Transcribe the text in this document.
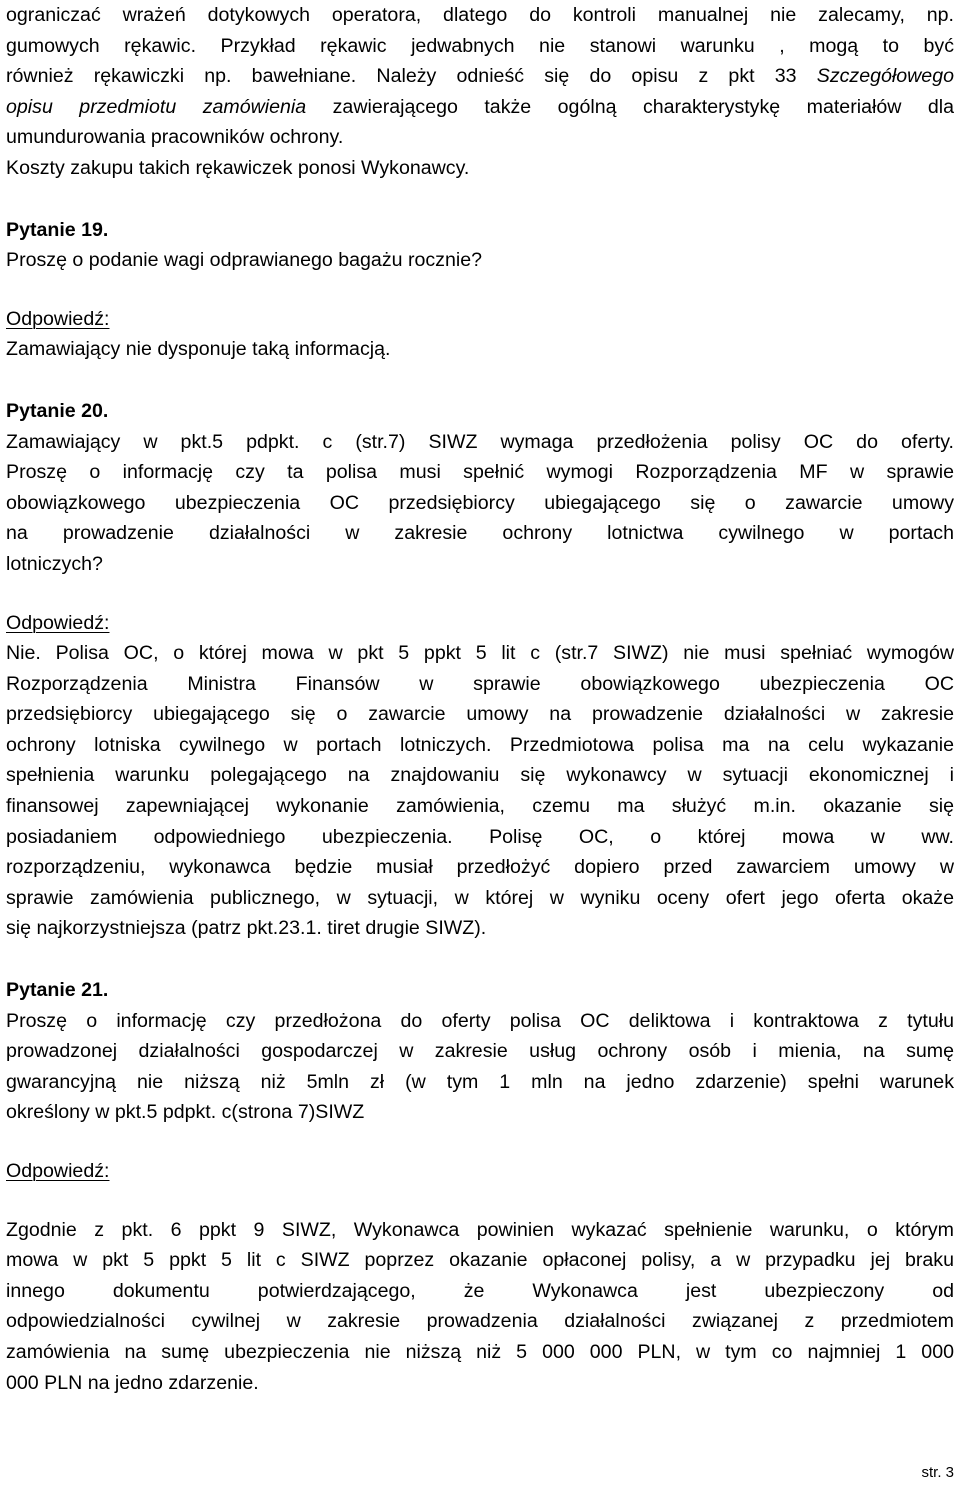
ograniczać wrażeń dotykowych operatora, dlatego do kontroli manualnej nie zalecamy, np.
gumowych rękawic. Przykład rękawic jedwabnych nie stanowi warunku , mogą to być
również rękawiczki np. bawełniane. Należy odnieść się do opisu z pkt 33 Szczegółowego
opisu przedmiotu zamówienia zawierającego także ogólną charakterystykę materiałów dla
umundurowania pracowników ochrony.
Koszty zakupu takich rękawiczek ponosi Wykonawcy.
Pytanie 19.
Proszę o podanie wagi odprawianego bagażu rocznie?
Odpowiedź:
Zamawiający nie dysponuje taką informacją.
Pytanie 20.
Zamawiający w pkt.5 pdpkt. c (str.7) SIWZ wymaga przedłożenia polisy OC do oferty.
Proszę o informację czy ta polisa musi spełnić wymogi Rozporządzenia MF w sprawie
obowiązkowego ubezpieczenia OC przedsiębiorcy ubiegającego się o zawarcie umowy
na prowadzenie działalności w zakresie ochrony lotnictwa cywilnego w portach
lotniczych?
Odpowiedź:
Nie. Polisa OC, o której mowa w pkt 5 ppkt 5 lit c (str.7 SIWZ) nie musi spełniać wymogów
Rozporządzenia Ministra Finansów w sprawie obowiązkowego ubezpieczenia OC
przedsiębiorcy ubiegającego się o zawarcie umowy na prowadzenie działalności w zakresie
ochrony lotniska cywilnego w portach lotniczych. Przedmiotowa polisa ma na celu wykazanie
spełnienia warunku polegającego na znajdowaniu się wykonawcy w sytuacji ekonomicznej i
finansowej zapewniającej wykonanie zamówienia, czemu ma służyć m.in. okazanie się
posiadaniem odpowiedniego ubezpieczenia. Polisę OC, o której mowa w ww.
rozporządzeniu, wykonawca będzie musiał przedłożyć dopiero przed zawarciem umowy w
sprawie zamówienia publicznego, w sytuacji, w której w wyniku oceny ofert jego oferta okaże
się najkorzystniejsza (patrz pkt.23.1. tiret drugie SIWZ).
Pytanie 21.
Proszę o informację czy przedłożona do oferty polisa OC deliktowa i kontraktowa z tytułu
prowadzonej działalności gospodarczej w zakresie usług ochrony osób i mienia, na sumę
gwarancyjną nie niższą niż 5mln zł (w tym 1 mln na jedno zdarzenie) spełni warunek
określony w pkt.5 pdpkt. c(strona 7)SIWZ
Odpowiedź:
Zgodnie z pkt. 6 ppkt 9 SIWZ, Wykonawca powinien wykazać spełnienie warunku, o którym
mowa w pkt 5 ppkt 5 lit c SIWZ poprzez okazanie opłaconej polisy, a w przypadku jej braku
innego dokumentu potwierdzającego, że Wykonawca jest ubezpieczony od
odpowiedzialności cywilnej w zakresie prowadzenia działalności związanej z przedmiotem
zamówienia na sumę ubezpieczenia nie niższą niż 5 000 000 PLN, w tym co najmniej 1 000
000 PLN na jedno zdarzenie.
str. 3
